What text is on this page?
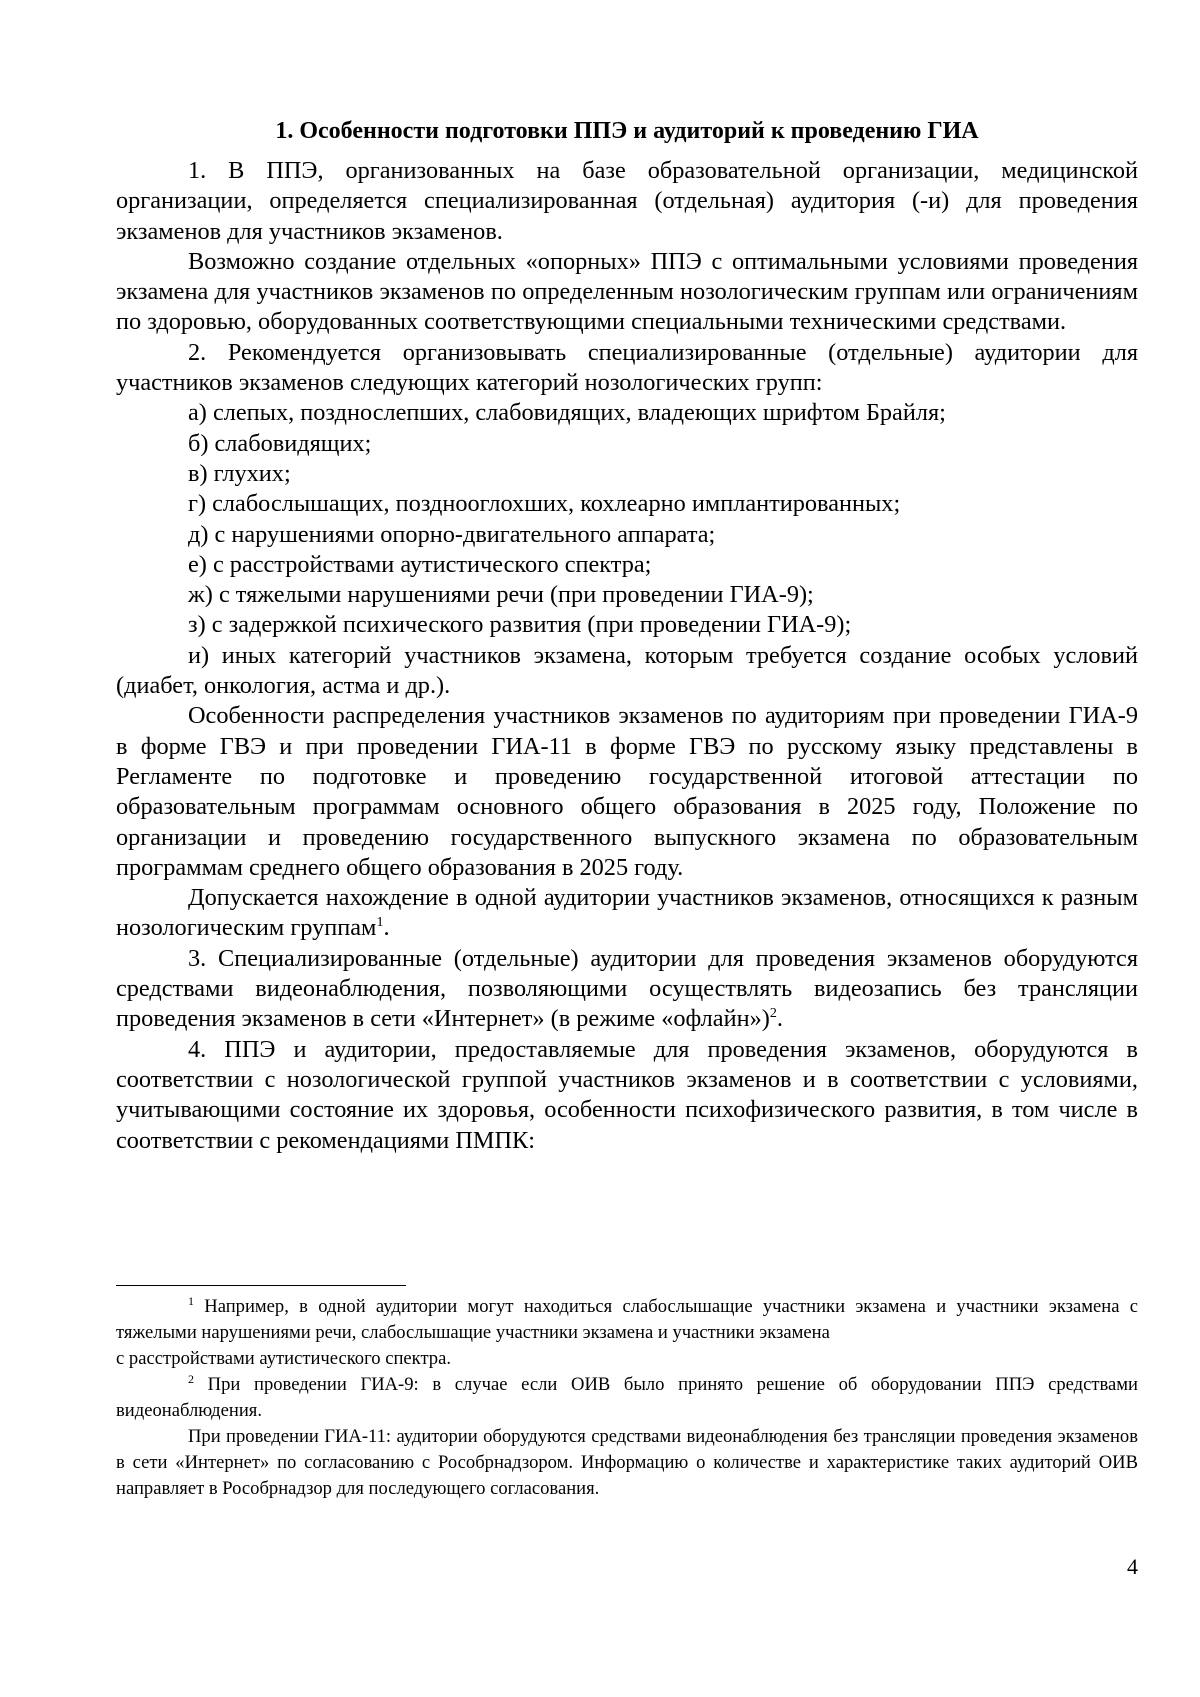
1. Особенности подготовки ППЭ и аудиторий к проведению ГИА

1. В ППЭ, организованных на базе образовательной организации, медицинской организации, определяется специализированная (отдельная) аудитория (-и) для проведения экзаменов для участников экзаменов.

Возможно создание отдельных «опорных» ППЭ с оптимальными условиями проведения экзамена для участников экзаменов по определенным нозологическим группам или ограничениям по здоровью, оборудованных соответствующими специальными техническими средствами.

2. Рекомендуется организовывать специализированные (отдельные) аудитории для участников экзаменов следующих категорий нозологических групп:

а) слепых, позднослепших, слабовидящих, владеющих шрифтом Брайля;

б) слабовидящих;

в) глухих;

г) слабослышащих, позднооглохших, кохлеарно имплантированных;

д) с нарушениями опорно-двигательного аппарата;

е) с расстройствами аутистического спектра;

ж) с тяжелыми нарушениями речи (при проведении ГИА-9);

з) с задержкой психического развития (при проведении ГИА-9);

и) иных категорий участников экзамена, которым требуется создание особых условий (диабет, онкология, астма и др.).

Особенности распределения участников экзаменов по аудиториям при проведении ГИА-9 в форме ГВЭ и при проведении ГИА-11 в форме ГВЭ по русскому языку представлены в Регламенте по подготовке и проведению государственной итоговой аттестации по образовательным программам основного общего образования в 2025 году, Положение по организации и проведению государственного выпускного экзамена по образовательным программам среднего общего образования в 2025 году.

Допускается нахождение в одной аудитории участников экзаменов, относящихся к разным нозологическим группам$^1$.

3. Специализированные (отдельные) аудитории для проведения экзаменов оборудуются средствами видеонаблюдения, позволяющими осуществлять видеозапись без трансляции проведения экзаменов в сети «Интернет» (в режиме «офлайн»)$^2$.

4. ППЭ и аудитории, предоставляемые для проведения экзаменов, оборудуются в соответствии с нозологической группой участников экзаменов и в соответствии с условиями, учитывающими состояние их здоровья, особенности психофизического развития, в том числе в соответствии с рекомендациями ПМПК:

$^1$ Например, в одной аудитории могут находиться слабослышащие участники экзамена и участники экзамена с тяжелыми нарушениями речи, слабослышащие участники экзамена и участники экзамена

с расстройствами аутистического спектра.

$^2$ При проведении ГИА-9: в случае если ОИВ было принято решение об оборудовании ППЭ средствами видеонаблюдения.

При проведении ГИА-11: аудитории оборудуются средствами видеонаблюдения без трансляции проведения экзаменов в сети «Интернет» по согласованию с Рособрнадзором. Информацию о количестве и характеристике таких аудиторий ОИВ направляет в Рособрнадзор для последующего согласования.

4
